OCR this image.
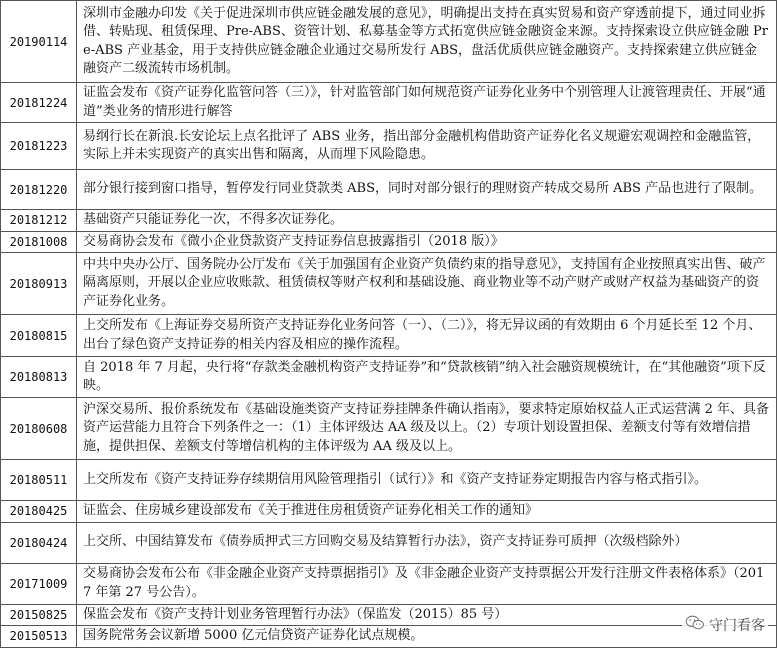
20190114	深圳市金融办印发《关于促进深圳市供应链金融发展的意见》，明确提出支持在真实贸易和资产穿透前提下，通过同业拆借、转贴现、租赁保理、Pre-ABS、资管计划、私募基金等方式拓宽供应链金融资金来源。支持探索设立供应链金融 Pre-ABS 产业基金，用于支持供应链金融企业通过交易所发行 ABS，盘活优质供应链金融资产。支持探索建立供应链金融资产二级流转市场机制。
20181224	证监会发布《资产证券化监管问答（三）》，针对监管部门如何规范资产证券化业务中个别管理人让渡管理责任、开展“通道”类业务的情形进行解答
20181223	易纲行长在新浪.长安论坛上点名批评了 ABS 业务，指出部分金融机构借助资产证券化名义规避宏观调控和金融监管，实际上并未实现资产的真实出售和隔离，从而埋下风险隐患。
20181220	部分银行接到窗口指导，暂停发行同业贷款类 ABS，同时对部分银行的理财资产转成交易所 ABS 产品也进行了限制。
20181212	基础资产只能证券化一次，不得多次证券化。
20181008	交易商协会发布《微小企业贷款资产支持证券信息披露指引（2018 版）》
20180913	中共中央办公厅、国务院办公厅发布《关于加强国有企业资产负债约束的指导意见》，支持国有企业按照真实出售、破产隔离原则，开展以企业应收账款、租赁债权等财产权利和基础设施、商业物业等不动产财产或财产权益为基础资产的资产证券化业务。
20180815	上交所发布《上海证券交易所资产支持证券化业务问答（一）、（二）》，将无异议函的有效期由 6 个月延长至 12 个月、出台了绿色资产支持证券的相关内容及相应的操作流程。
20180813	自 2018 年 7 月起，央行将“存款类金融机构资产支持证券”和“贷款核销”纳入社会融资规模统计，在“其他融资”项下反映。
20180608	沪深交易所、报价系统发布《基础设施类资产支持证券挂牌条件确认指南》，要求特定原始权益人正式运营满 2 年、具备资产运营能力且符合下列条件之一：（1）主体评级达 AA 级及以上。（2）专项计划设置担保、差额支付等有效增信措施，提供担保、差额支付等增信机构的主体评级为 AA 级及以上。
20180511	上交所发布《资产支持证券存续期信用风险管理指引（试行）》和《资产支持证券定期报告内容与格式指引》。
20180425	证监会、住房城乡建设部发布《关于推进住房租赁资产证券化相关工作的通知》
20180424	上交所、中国结算发布《债券质押式三方回购交易及结算暂行办法》，资产支持证券可质押（次级档除外）
20171009	交易商协会发布公布《非金融企业资产支持票据指引》及《非金融企业资产支持票据公开发行注册文件表格体系》（2017 年第 27 号公告）。
20150825	保监会发布《资产支持计划业务管理暂行办法》（保监发（2015）85 号）
20150513	国务院常务会议新增 5000 亿元信贷资产证券化试点规模。
守门看客
